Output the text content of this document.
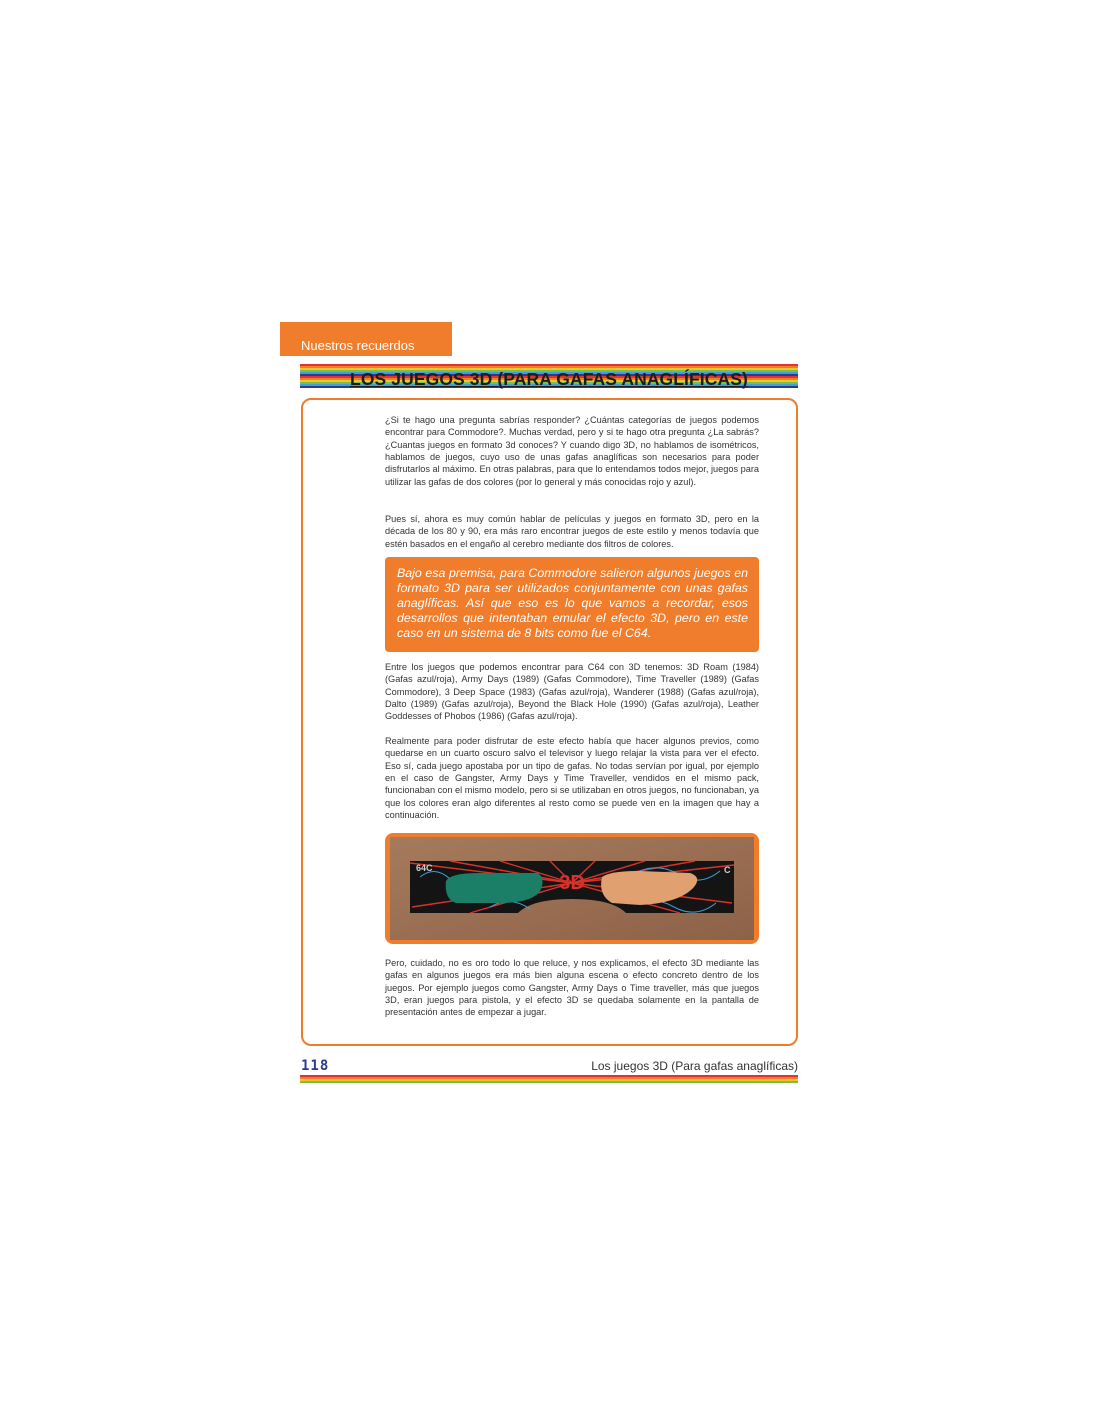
Nuestros recuerdos
LOS JUEGOS 3D (PARA GAFAS ANAGLÍFICAS)

¿Si te hago una pregunta sabrías responder? ¿Cuántas categorías de juegos podemos encontrar para Commodore?. Muchas verdad, pero y si te hago otra pregunta ¿La sabrás? ¿Cuantas juegos en formato 3d conoces? Y cuando digo 3D, no hablamos de isométricos, hablamos de juegos, cuyo uso de unas gafas anaglíficas son necesarios para poder disfrutarlos al máximo. En otras palabras, para que lo entendamos todos mejor, juegos para utilizar las gafas de dos colores (por lo general y más conocidas rojo y azul).

Pues sí, ahora es muy común hablar de películas y juegos en formato 3D, pero en la década de los 80 y 90, era más raro encontrar juegos de este estilo y menos todavía que estén basados en el engaño al cerebro mediante dos filtros de colores.

Bajo esa premisa, para Commodore salieron algunos juegos en formato 3D para ser utilizados conjuntamente con unas gafas anaglíficas. Así que eso es lo que vamos a recordar, esos desarrollos que intentaban emular el efecto 3D, pero en este caso en un sistema de 8 bits como fue el C64.

Entre los juegos que podemos encontrar para C64 con 3D tenemos: 3D Roam (1984) (Gafas azul/roja), Army Days (1989) (Gafas Commodore), Time Traveller (1989) (Gafas Commodore), 3 Deep Space (1983) (Gafas azul/roja), Wanderer (1988) (Gafas azul/roja), Dalto (1989) (Gafas azul/roja), Beyond the Black Hole (1990) (Gafas azul/roja), Leather Goddesses of Phobos (1986) (Gafas azul/roja).

Realmente para poder disfrutar de este efecto había que hacer algunos previos, como quedarse en un cuarto oscuro salvo el televisor y luego relajar la vista para ver el efecto. Eso sí, cada juego apostaba por un tipo de gafas. No todas servían por igual, por ejemplo en el caso de Gangster, Army Days y Time Traveller, vendidos en el mismo pack, funcionaban con el mismo modelo, pero si se utilizaban en otros juegos, no funcionaban, ya que los colores eran algo diferentes al resto como se puede ven en la imagen que hay a continuación.

64C
3D
C

Pero, cuidado, no es oro todo lo que reluce, y nos explicamos, el efecto 3D mediante las gafas en algunos juegos era más bien alguna escena o efecto concreto dentro de los juegos. Por ejemplo juegos como Gangster, Army Days o Time traveller, más que juegos 3D, eran juegos para pistola, y el efecto 3D se quedaba solamente en la pantalla de presentación antes de empezar a jugar.

118	Los juegos 3D (Para gafas anaglíficas)
